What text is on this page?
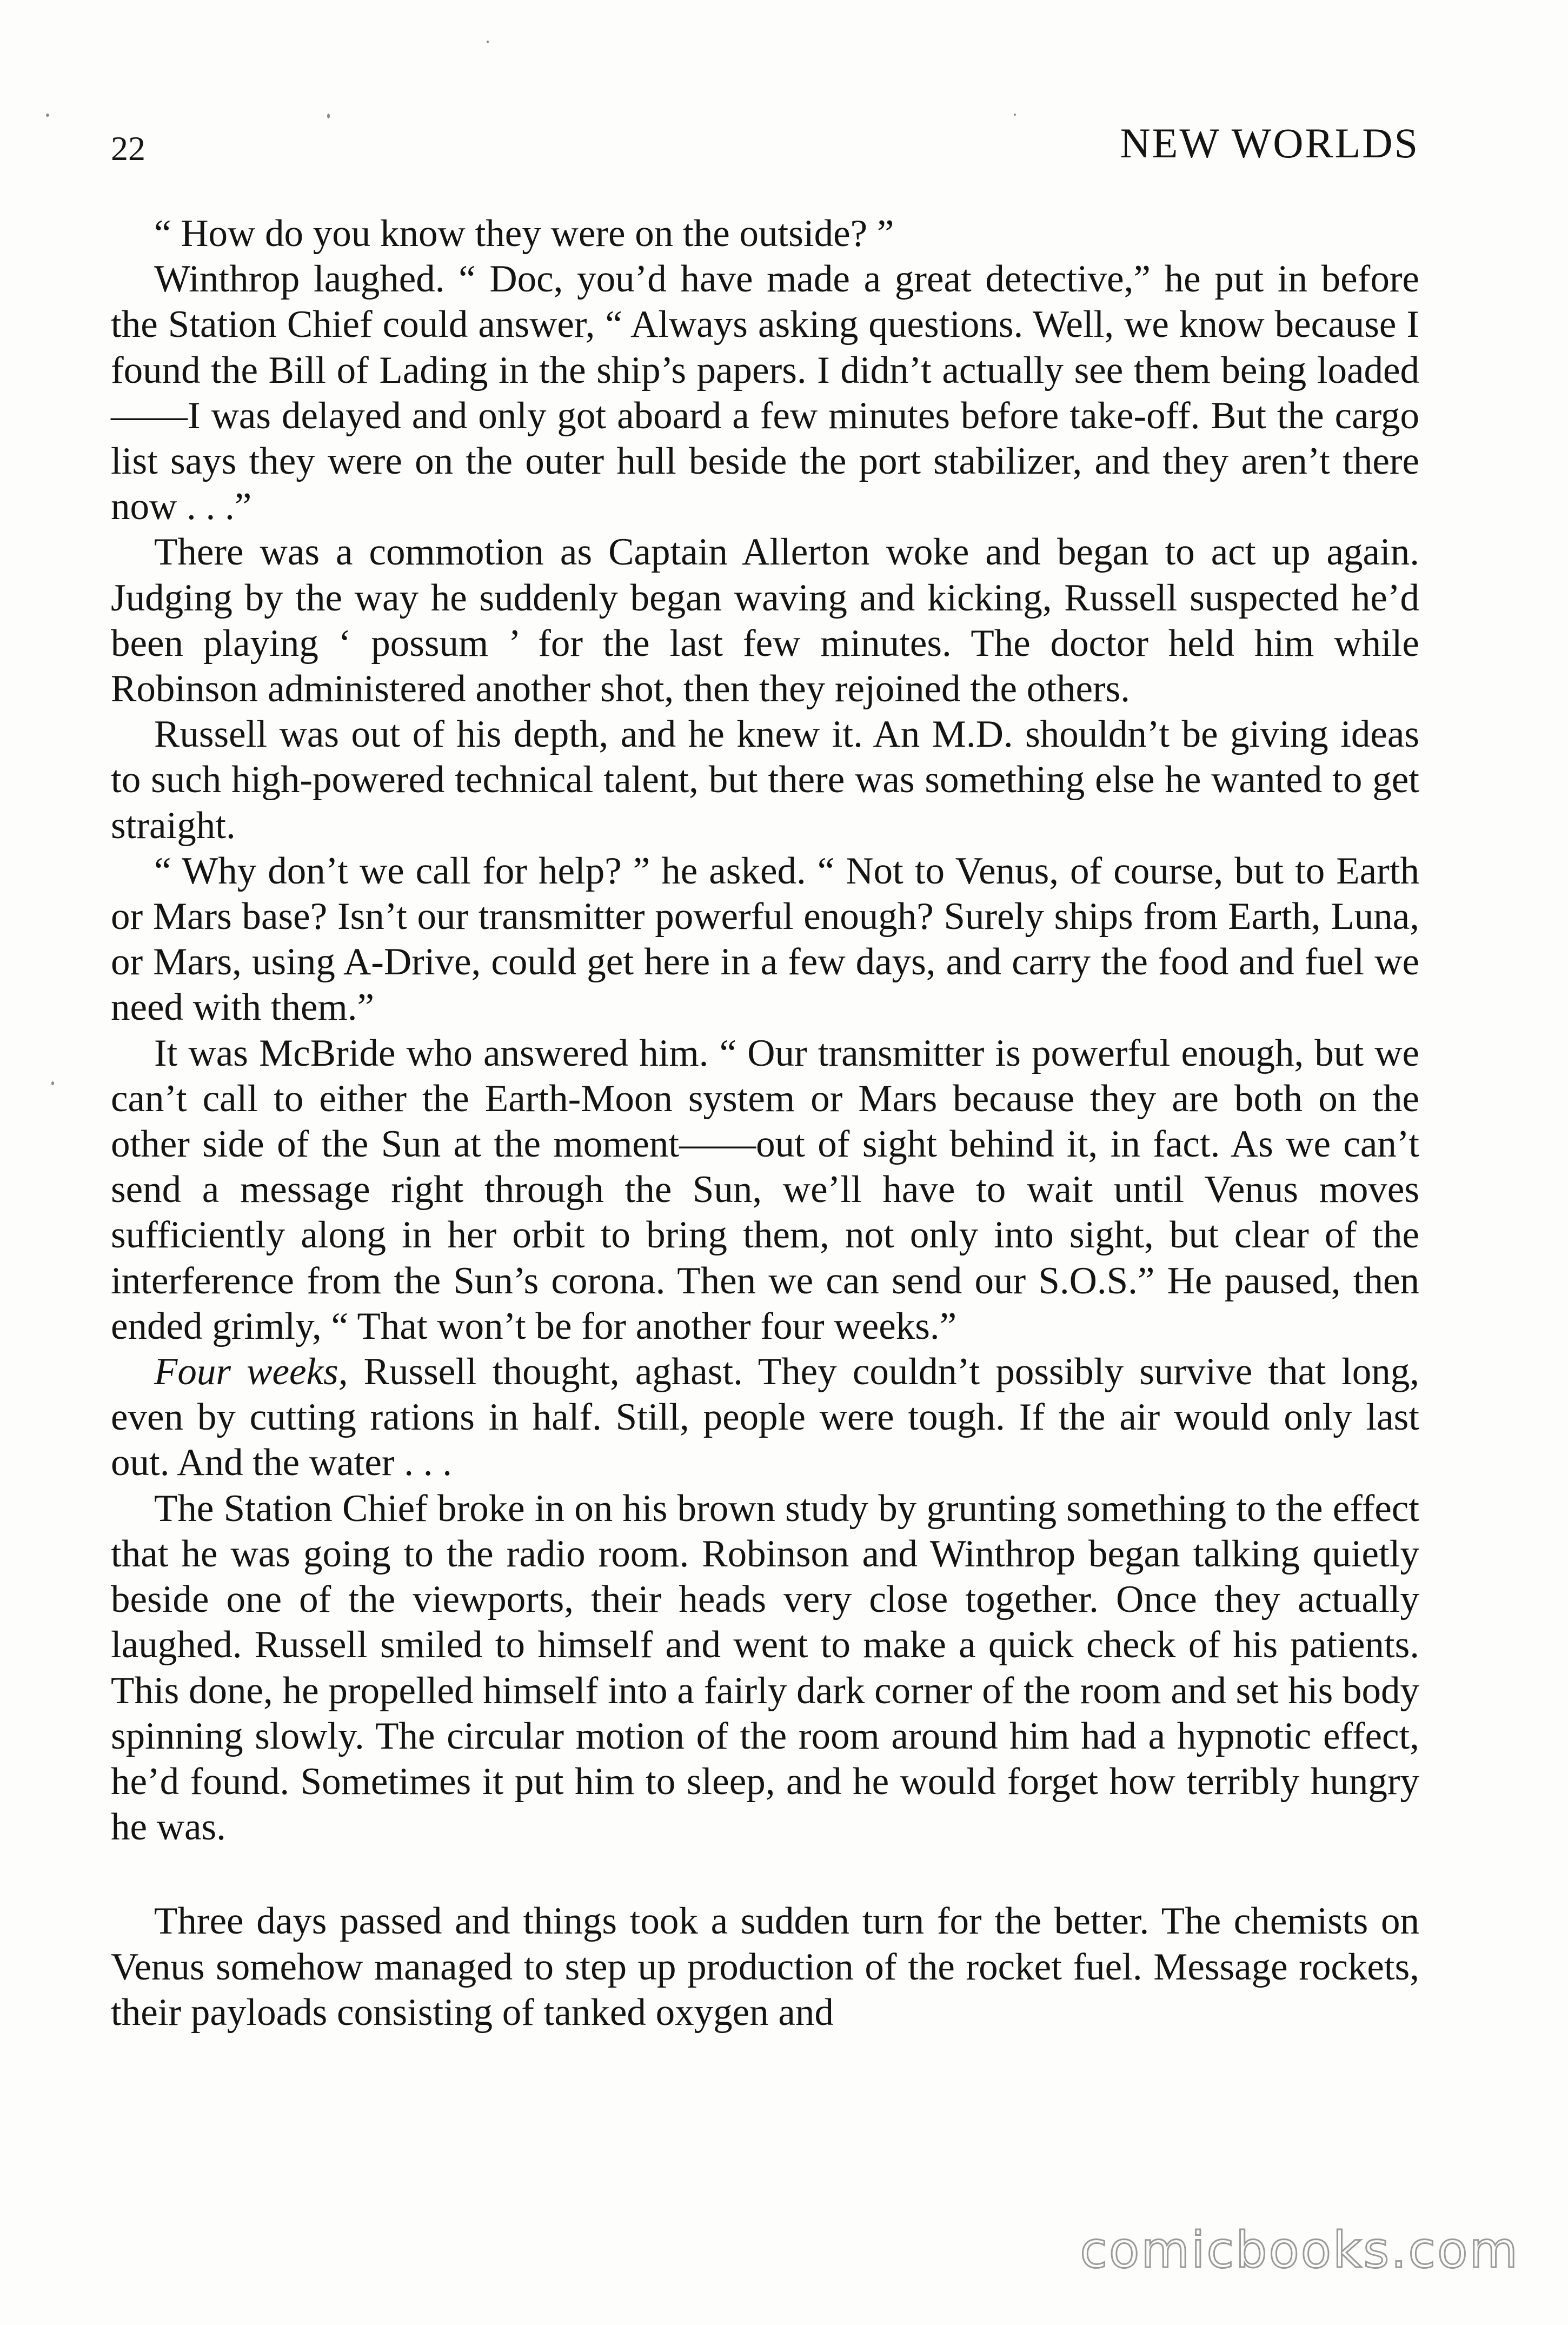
22	NEW WORLDS

“ How do you know they were on the outside? ”

Winthrop laughed. “ Doc, you’d have made a great detective,” he put in before the Station Chief could answer, “ Always asking questions. Well, we know because I found the Bill of Lading in the ship’s papers. I didn’t actually see them being loaded——I was delayed and only got aboard a few minutes before take-off. But the cargo list says they were on the outer hull beside the port stabilizer, and they aren’t there now . . .”

There was a commotion as Captain Allerton woke and began to act up again. Judging by the way he suddenly began waving and kicking, Russell suspected he’d been playing ‘ possum ’ for the last few minutes. The doctor held him while Robinson administered another shot, then they rejoined the others.

Russell was out of his depth, and he knew it. An M.D. shouldn’t be giving ideas to such high-powered technical talent, but there was something else he wanted to get straight.

“ Why don’t we call for help? ” he asked. “ Not to Venus, of course, but to Earth or Mars base? Isn’t our transmitter powerful enough? Surely ships from Earth, Luna, or Mars, using A-Drive, could get here in a few days, and carry the food and fuel we need with them.”

It was McBride who answered him. “ Our transmitter is powerful enough, but we can’t call to either the Earth-Moon system or Mars because they are both on the other side of the Sun at the moment——out of sight behind it, in fact. As we can’t send a message right through the Sun, we’ll have to wait until Venus moves sufficiently along in her orbit to bring them, not only into sight, but clear of the interference from the Sun’s corona. Then we can send our S.O.S.” He paused, then ended grimly, “ That won’t be for another four weeks.”

Four weeks, Russell thought, aghast. They couldn’t possibly survive that long, even by cutting rations in half. Still, people were tough. If the air would only last out. And the water . . .

The Station Chief broke in on his brown study by grunting something to the effect that he was going to the radio room. Robinson and Winthrop began talking quietly beside one of the viewports, their heads very close together. Once they actually laughed. Russell smiled to himself and went to make a quick check of his patients. This done, he propelled himself into a fairly dark corner of the room and set his body spinning slowly. The circular motion of the room around him had a hypnotic effect, he’d found. Sometimes it put him to sleep, and he would forget how terribly hungry he was.

Three days passed and things took a sudden turn for the better. The chemists on Venus somehow managed to step up production of the rocket fuel. Message rockets, their payloads consisting of tanked oxygen and

comicbooks.com
